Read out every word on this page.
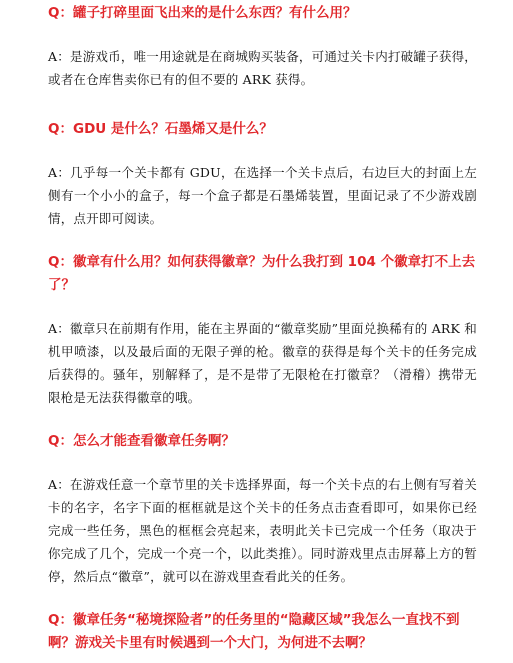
Q：罐子打碎里面飞出来的是什么东西？有什么用？

A：是游戏币，唯一用途就是在商城购买装备，可通过关卡内打破罐子获得，或者在仓库售卖你已有的但不要的 ARK 获得。

Q：GDU 是什么？石墨烯又是什么？

A：几乎每一个关卡都有 GDU，在选择一个关卡点后，右边巨大的封面上左侧有一个小小的盒子，每一个盒子都是石墨烯装置，里面记录了不少游戏剧情，点开即可阅读。

Q：徽章有什么用？如何获得徽章？为什么我打到 104 个徽章打不上去了？

A：徽章只在前期有作用，能在主界面的“徽章奖励”里面兑换稀有的 ARK 和机甲喷漆，以及最后面的无限子弹的枪。徽章的获得是每个关卡的任务完成后获得的。骚年，别解释了，是不是带了无限枪在打徽章？（滑稽）携带无限枪是无法获得徽章的哦。

Q：怎么才能查看徽章任务啊？

A：在游戏任意一个章节里的关卡选择界面，每一个关卡点的右上侧有写着关卡的名字，名字下面的框框就是这个关卡的任务点击查看即可，如果你已经完成一些任务，黑色的框框会亮起来，表明此关卡已完成一个任务（取决于你完成了几个，完成一个亮一个，以此类推）。同时游戏里点击屏幕上方的暂停，然后点“徽章”，就可以在游戏里查看此关的任务。

Q：徽章任务“秘境探险者”的任务里的“隐藏区域”我怎么一直找不到啊？游戏关卡里有时候遇到一个大门，为何进不去啊？
